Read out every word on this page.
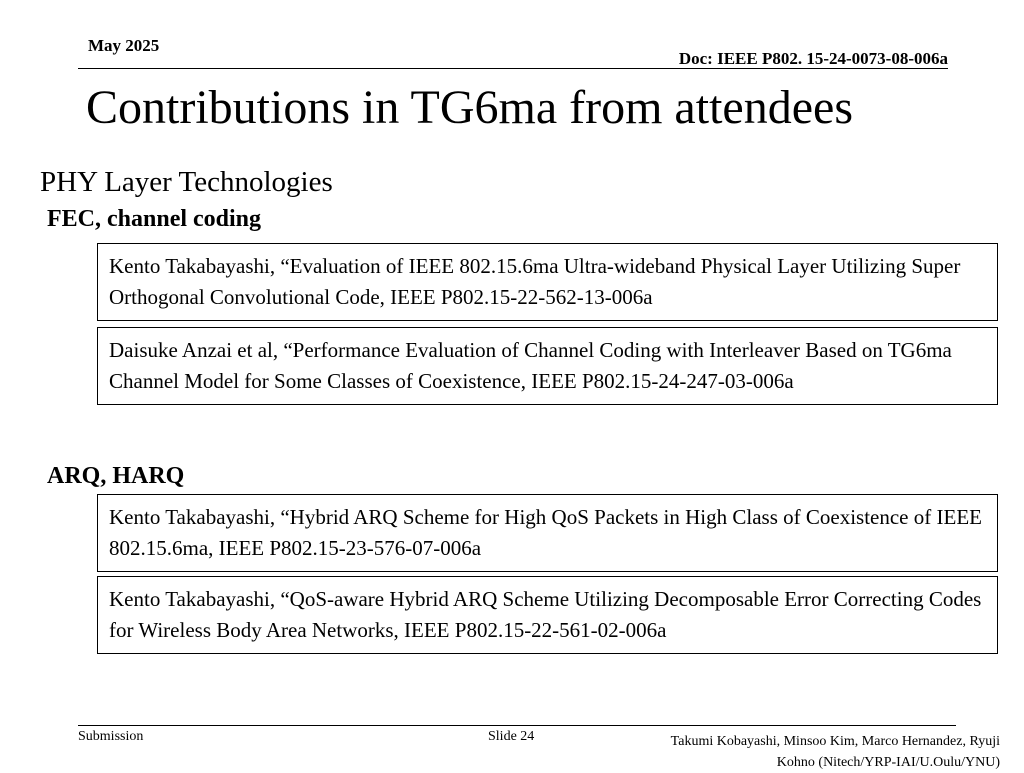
May 2025
Doc: IEEE P802. 15-24-0073-08-006a
Contributions in TG6ma from attendees
PHY Layer Technologies
FEC, channel coding
Kento Takabayashi, “Evaluation of IEEE 802.15.6ma Ultra-wideband Physical Layer Utilizing Super Orthogonal Convolutional Code, IEEE P802.15-22-562-13-006a
Daisuke Anzai et al, “Performance Evaluation of Channel Coding with Interleaver Based on TG6ma Channel Model for Some Classes of Coexistence, IEEE P802.15-24-247-03-006a
ARQ, HARQ
Kento Takabayashi, “Hybrid ARQ Scheme for High QoS Packets in High Class of Coexistence of IEEE 802.15.6ma, IEEE P802.15-23-576-07-006a
Kento Takabayashi, “QoS-aware Hybrid ARQ Scheme Utilizing Decomposable Error Correcting Codes for Wireless Body Area Networks, IEEE P802.15-22-561-02-006a
Submission	Slide 24	Takumi Kobayashi, Minsoo Kim, Marco Hernandez, Ryuji
Kohno (Nitech/YRP-IAI/U.Oulu/YNU)
